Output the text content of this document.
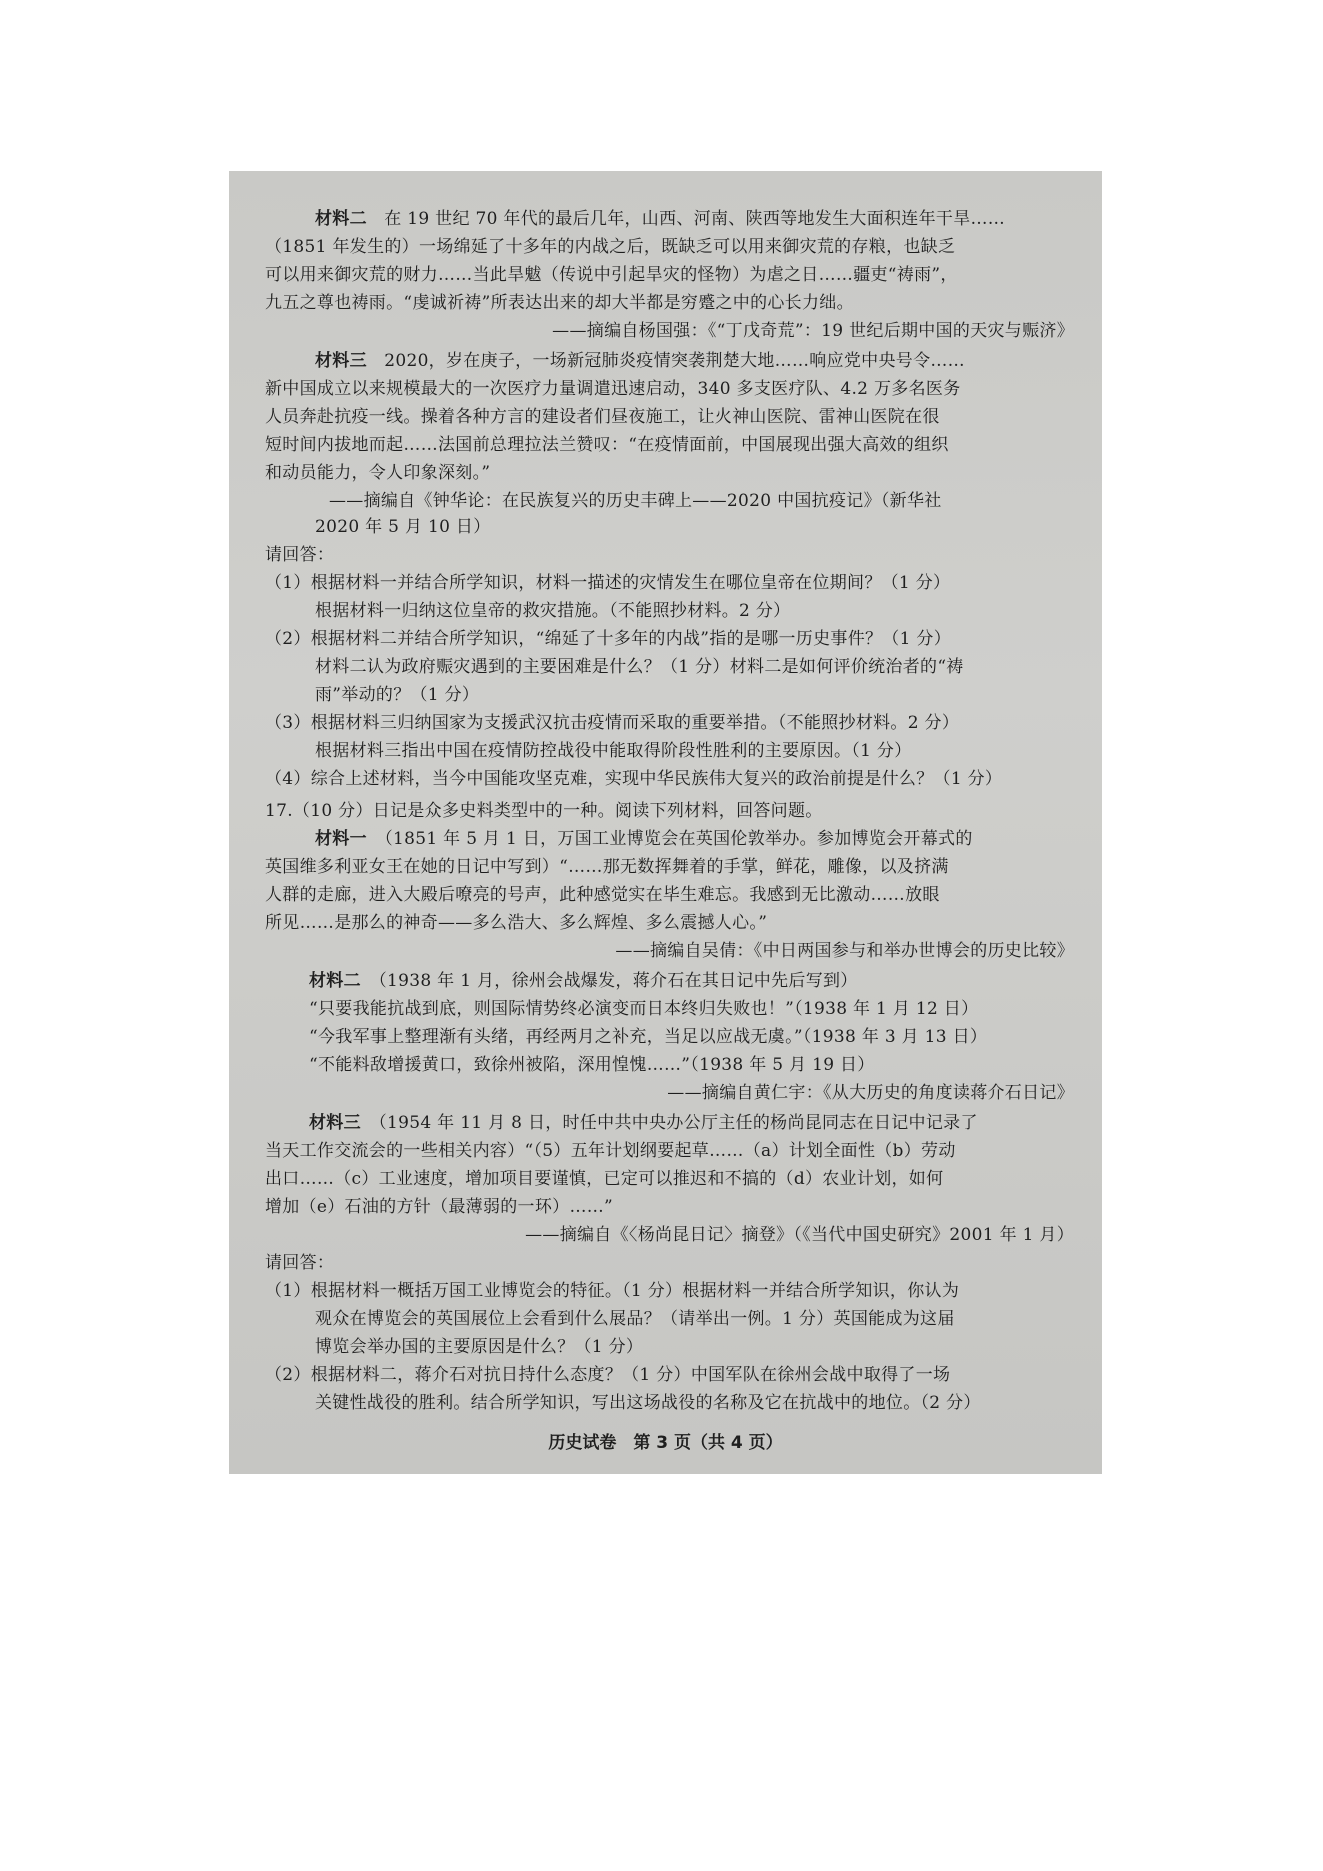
材料二　 在 19 世纪 70 年代的最后几年，山西、河南、陕西等地发生大面积连年干旱……
（1851 年发生的）一场绵延了十多年的内战之后，既缺乏可以用来御灾荒的存粮，也缺乏
可以用来御灾荒的财力……当此旱魃（传说中引起旱灾的怪物）为虐之日……疆吏“祷雨”，
九五之尊也祷雨。“虔诚祈祷”所表达出来的却大半都是穷蹙之中的心长力绌。
——摘编自杨国强：《“丁戊奇荒”：19 世纪后期中国的天灾与赈济》
材料三　 2020，岁在庚子，一场新冠肺炎疫情突袭荆楚大地……响应党中央号令……
新中国成立以来规模最大的一次医疗力量调遣迅速启动，340 多支医疗队、4.2 万多名医务
人员奔赴抗疫一线。操着各种方言的建设者们昼夜施工，让火神山医院、雷神山医院在很
短时间内拔地而起……法国前总理拉法兰赞叹：“在疫情面前，中国展现出强大高效的组织
和动员能力，令人印象深刻。”
——摘编自《钟华论：在民族复兴的历史丰碑上——2020 中国抗疫记》（新华社
2020 年 5 月 10 日）
请回答：
（1）根据材料一并结合所学知识，材料一描述的灾情发生在哪位皇帝在位期间？（1 分）
根据材料一归纳这位皇帝的救灾措施。（不能照抄材料。2 分）
（2）根据材料二并结合所学知识，“绵延了十多年的内战”指的是哪一历史事件？（1 分）
材料二认为政府赈灾遇到的主要困难是什么？（1 分）材料二是如何评价统治者的“祷
雨”举动的？（1 分）
（3）根据材料三归纳国家为支援武汉抗击疫情而采取的重要举措。（不能照抄材料。2 分）
根据材料三指出中国在疫情防控战役中能取得阶段性胜利的主要原因。（1 分）
（4）综合上述材料，当今中国能攻坚克难，实现中华民族伟大复兴的政治前提是什么？（1 分）
17.（10 分）日记是众多史料类型中的一种。阅读下列材料，回答问题。
材料一　 （1851 年 5 月 1 日，万国工业博览会在英国伦敦举办。参加博览会开幕式的
英国维多利亚女王在她的日记中写到）“……那无数挥舞着的手掌，鲜花，雕像，以及挤满
人群的走廊，进入大殿后嘹亮的号声，此种感觉实在毕生难忘。我感到无比激动……放眼
所见……是那么的神奇——多么浩大、多么辉煌、多么震撼人心。”
——摘编自吴倩：《中日两国参与和举办世博会的历史比较》
材料二　 （1938 年 1 月，徐州会战爆发，蒋介石在其日记中先后写到）
“只要我能抗战到底，则国际情势终必演变而日本终归失败也！”（1938 年 1 月 12 日）
“今我军事上整理渐有头绪，再经两月之补充，当足以应战无虞。”（1938 年 3 月 13 日）
“不能料敌增援黄口，致徐州被陷，深用惶愧……”（1938 年 5 月 19 日）
——摘编自黄仁宇：《从大历史的角度读蒋介石日记》
材料三　 （1954 年 11 月 8 日，时任中共中央办公厅主任的杨尚昆同志在日记中记录了
当天工作交流会的一些相关内容）“（5）五年计划纲要起草……（a）计划全面性（b）劳动
出口……（c）工业速度，增加项目要谨慎，已定可以推迟和不搞的（d）农业计划，如何
增加（e）石油的方针（最薄弱的一环）……”
——摘编自《〈杨尚昆日记〉摘登》（《当代中国史研究》2001 年 1 月）
请回答：
（1）根据材料一概括万国工业博览会的特征。（1 分）根据材料一并结合所学知识，你认为
观众在博览会的英国展位上会看到什么展品？（请举出一例。1 分）英国能成为这届
博览会举办国的主要原因是什么？（1 分）
（2）根据材料二，蒋介石对抗日持什么态度？（1 分）中国军队在徐州会战中取得了一场
关键性战役的胜利。结合所学知识，写出这场战役的名称及它在抗战中的地位。（2 分）
历史试卷　第 3 页（共 4 页）
